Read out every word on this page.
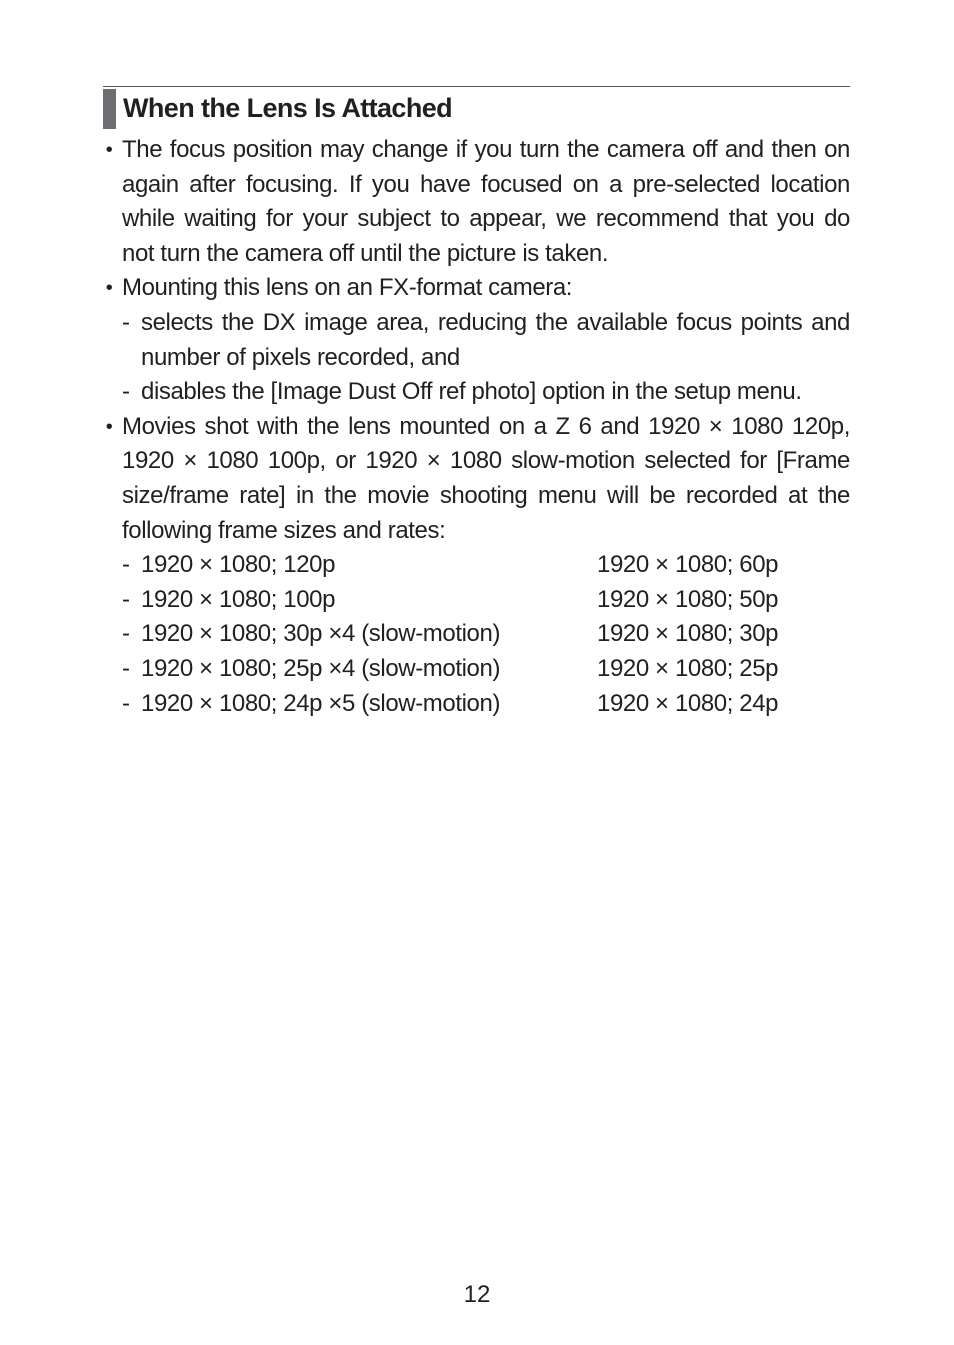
When the Lens Is Attached
• The focus position may change if you turn the camera off and then on again after focusing. If you have focused on a pre-selected location while waiting for your subject to appear, we recommend that you do not turn the camera off until the picture is taken.
• Mounting this lens on an FX-format camera:
- selects the DX image area, reducing the available focus points and number of pixels recorded, and
- disables the [Image Dust Off ref photo] option in the setup menu.
• Movies shot with the lens mounted on a Z 6 and 1920 × 1080 120p, 1920 × 1080 100p, or 1920 × 1080 slow-motion selected for [Frame size/frame rate] in the movie shooting menu will be recorded at the following frame sizes and rates:
- 1920 × 1080; 120p	1920 × 1080; 60p
- 1920 × 1080; 100p	1920 × 1080; 50p
- 1920 × 1080; 30p ×4 (slow-motion)	1920 × 1080; 30p
- 1920 × 1080; 25p ×4 (slow-motion)	1920 × 1080; 25p
- 1920 × 1080; 24p ×5 (slow-motion)	1920 × 1080; 24p
12
